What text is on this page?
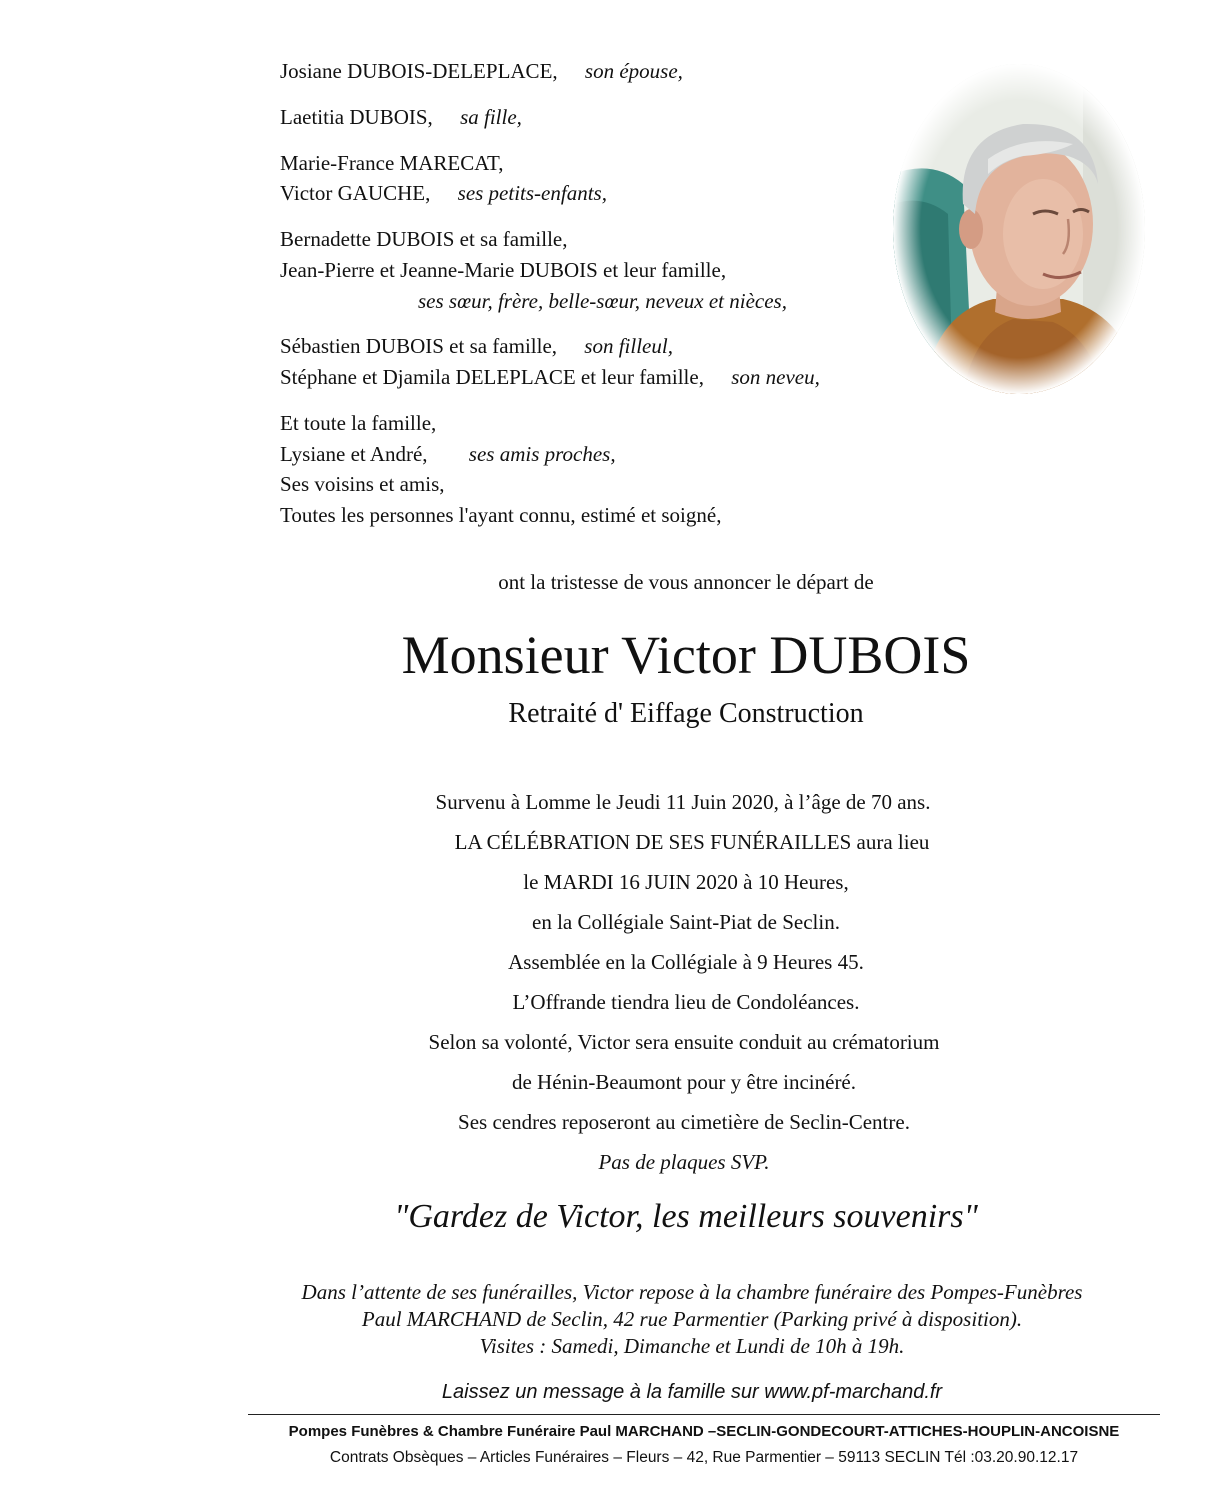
Josiane DUBOIS-DELEPLACE, son épouse,
Laetitia DUBOIS, sa fille,
Marie-France MARECAT,
Victor GAUCHE, ses petits-enfants,
Bernadette DUBOIS et sa famille,
Jean-Pierre et Jeanne-Marie DUBOIS et leur famille,
ses sœur, frère, belle-sœur, neveux et nièces,
Sébastien DUBOIS et sa famille, son filleul,
Stéphane et Djamila DELEPLACE et leur famille, son neveu,
Et toute la famille,
Lysiane et André, ses amis proches,
Ses voisins et amis,
Toutes les personnes l'ayant connu, estimé et soigné,
ont la tristesse de vous annoncer le départ de
Monsieur Victor DUBOIS
Retraité d' Eiffage Construction
Survenu à Lomme le Jeudi 11 Juin 2020, à l’âge de 70 ans.
LA CÉLÉBRATION DE SES FUNÉRAILLES aura lieu
le MARDI 16 JUIN 2020 à 10 Heures,
en la Collégiale Saint-Piat de Seclin.
Assemblée en la Collégiale à 9 Heures 45.
L’Offrande tiendra lieu de Condoléances.
Selon sa volonté, Victor sera ensuite conduit au crématorium
de Hénin-Beaumont pour y être incinéré.
Ses cendres reposeront au cimetière de Seclin-Centre.
Pas de plaques SVP.
"Gardez de Victor, les meilleurs souvenirs"
Dans l’attente de ses funérailles, Victor repose à la chambre funéraire des Pompes-Funèbres
Paul MARCHAND de Seclin, 42 rue Parmentier (Parking privé à disposition).
Visites : Samedi, Dimanche et Lundi de 10h à 19h.
Laissez un message à la famille sur www.pf-marchand.fr
Pompes Funèbres & Chambre Funéraire Paul MARCHAND –SECLIN-GONDECOURT-ATTICHES-HOUPLIN-ANCOISNE
Contrats Obsèques – Articles Funéraires – Fleurs – 42, Rue Parmentier – 59113 SECLIN Tél :03.20.90.12.17
